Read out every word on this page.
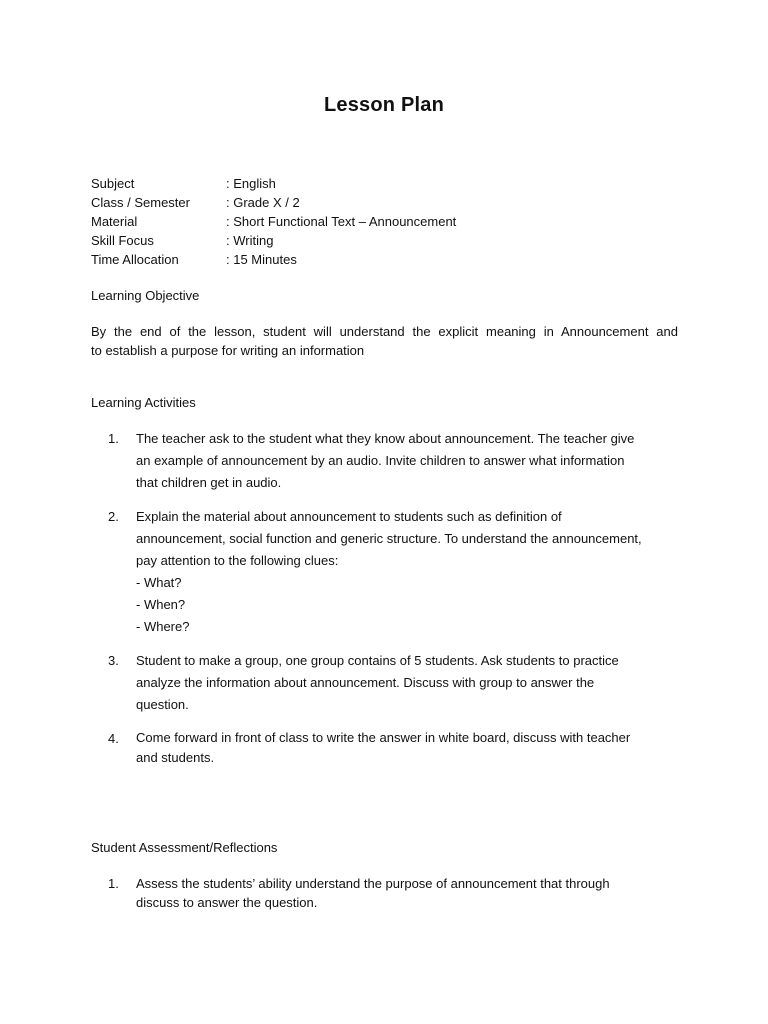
Lesson Plan
Subject	: English
Class / Semester	: Grade X / 2
Material	: Short Functional Text – Announcement
Skill Focus	: Writing
Time Allocation	: 15 Minutes
Learning Objective
By the end of the lesson, student will understand the explicit meaning in Announcement and
to establish a purpose for writing an information
Learning Activities
1. The teacher ask to the student what they know about announcement. The teacher give
an example of announcement by an audio. Invite children to answer what information
that children get in audio.
2. Explain the material about announcement to students such as definition of
announcement, social function and generic structure. To understand the announcement,
pay attention to the following clues:
- What?
- When?
- Where?
3. Student to make a group, one group contains of 5 students. Ask students to practice
analyze the information about announcement. Discuss with group to answer the
question.
4. Come forward in front of class to write the answer in white board, discuss with teacher
and students.
Student Assessment/Reflections
1. Assess the students’ ability understand the purpose of announcement that through
discuss to answer the question.
